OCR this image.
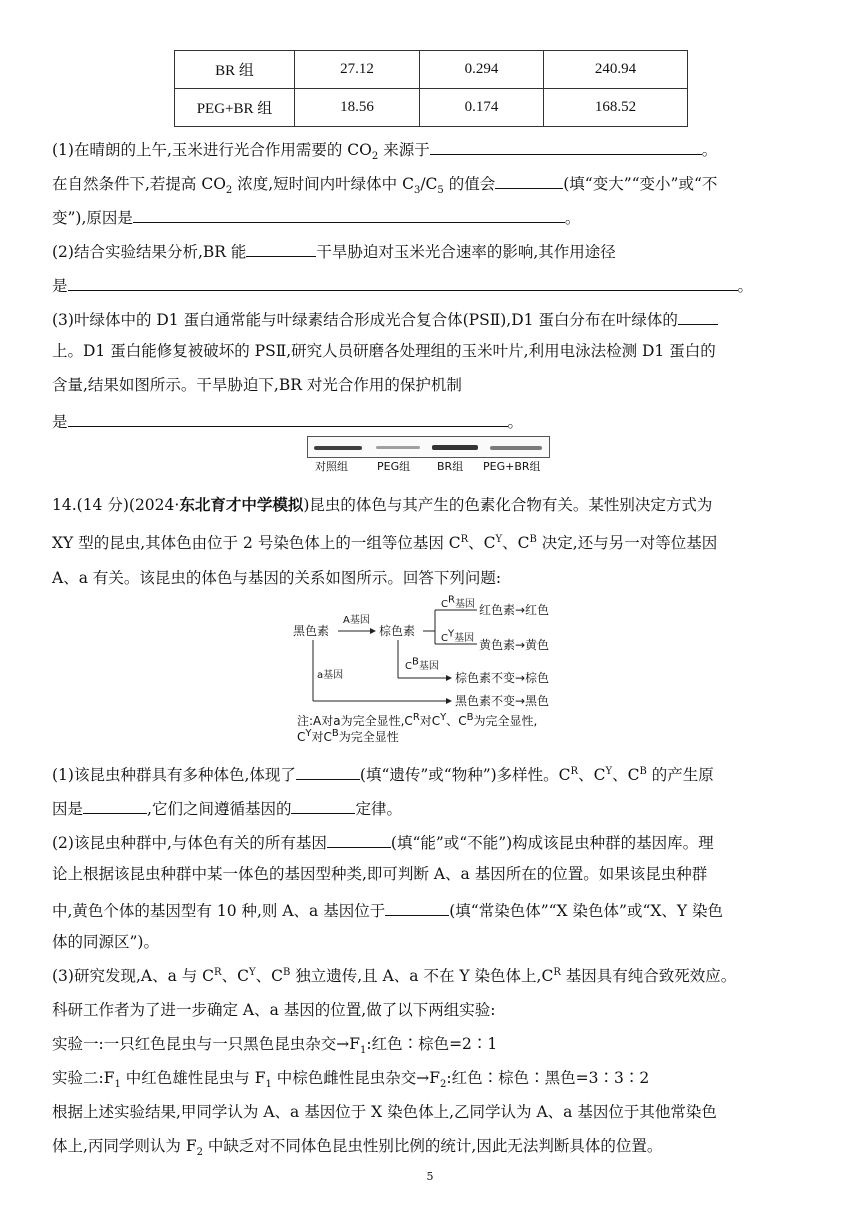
BR 组	27.12	0.294	240.94
PEG+BR 组	18.56	0.174	168.52
(1)在晴朗的上午,玉米进行光合作用需要的 $CO_2$ 来源于	。
在自然条件下,若提高 $CO_2$ 浓度,短时间内叶绿体中 $C_3/C_5$ 的值会	(填“变大”“变小”或“不
变”),原因是	。
(2)结合实验结果分析,BR 能	干旱胁迫对玉米光合速率的影响,其作用途径
是	。
(3)叶绿体中的 D1 蛋白通常能与叶绿素结合形成光合复合体(PSⅡ),D1 蛋白分布在叶绿体的
上。D1 蛋白能修复被破坏的 PSⅡ,研究人员研磨各处理组的玉米叶片,利用电泳法检测 D1 蛋白的
含量,结果如图所示。干旱胁迫下,BR 对光合作用的保护机制
是	。
对照组	PEG组 BR组 PEG+BR组
14.(14 分)(2024·东北育才中学模拟)昆虫的体色与其产生的色素化合物有关。某性别决定方式为
XY 型的昆虫,其体色由位于 2 号染色体上的一组等位基因 $C^R$、$C^Y$、$C^B$ 决定,还与另一对等位基因
A、a 有关。该昆虫的体色与基因的关系如图所示。回答下列问题:
黑色素
A基因
棕色素
$C^R$基因 红色素→红色
$C^Y$基因 黄色素→黄色
$C^B$基因
棕色素不变→棕色
a基因
黑色素不变→黑色
注:A对a为完全显性$,C^R$对$C^Y$、$C^B$为完全显性,
$C^Y$对$C^B$为完全显性
(1)该昆虫种群具有多种体色,体现了	(填“遗传”或“物种”)多样性。$C^R$、$C^Y$、$C^B$ 的产生原
因是	,它们之间遵循基因的	定律。
(2)该昆虫种群中,与体色有关的所有基因	(填“能”或“不能”)构成该昆虫种群的基因库。理
论上根据该昆虫种群中某一体色的基因型种类,即可判断 A、a 基因所在的位置。如果该昆虫种群
中,黄色个体的基因型有 10 种,则 A、a 基因位于	(填“常染色体”“X 染色体”或“X、Y 染色
体的同源区”)。
(3)研究发现,A、a 与 $C^R$、$C^Y$、$C^B$ 独立遗传,且 A、a 不在 Y 染色体上$,C^R$ 基因具有纯合致死效应。
科研工作者为了进一步确定 A、a 基因的位置,做了以下两组实验:
实验一:一只红色昆虫与一只黑色昆虫杂交$\to F_1$:红色∶棕色=2∶1
实验二$:F_1$ 中红色雄性昆虫与 $F_1$ 中棕色雌性昆虫杂交$\to F_2$:红色∶棕色∶黑色=3∶3∶2
根据上述实验结果,甲同学认为 A、a 基因位于 X 染色体上,乙同学认为 A、a 基因位于其他常染色
体上,丙同学则认为 $F_2$ 中缺乏对不同体色昆虫性别比例的统计,因此无法判断具体的位置。
5
